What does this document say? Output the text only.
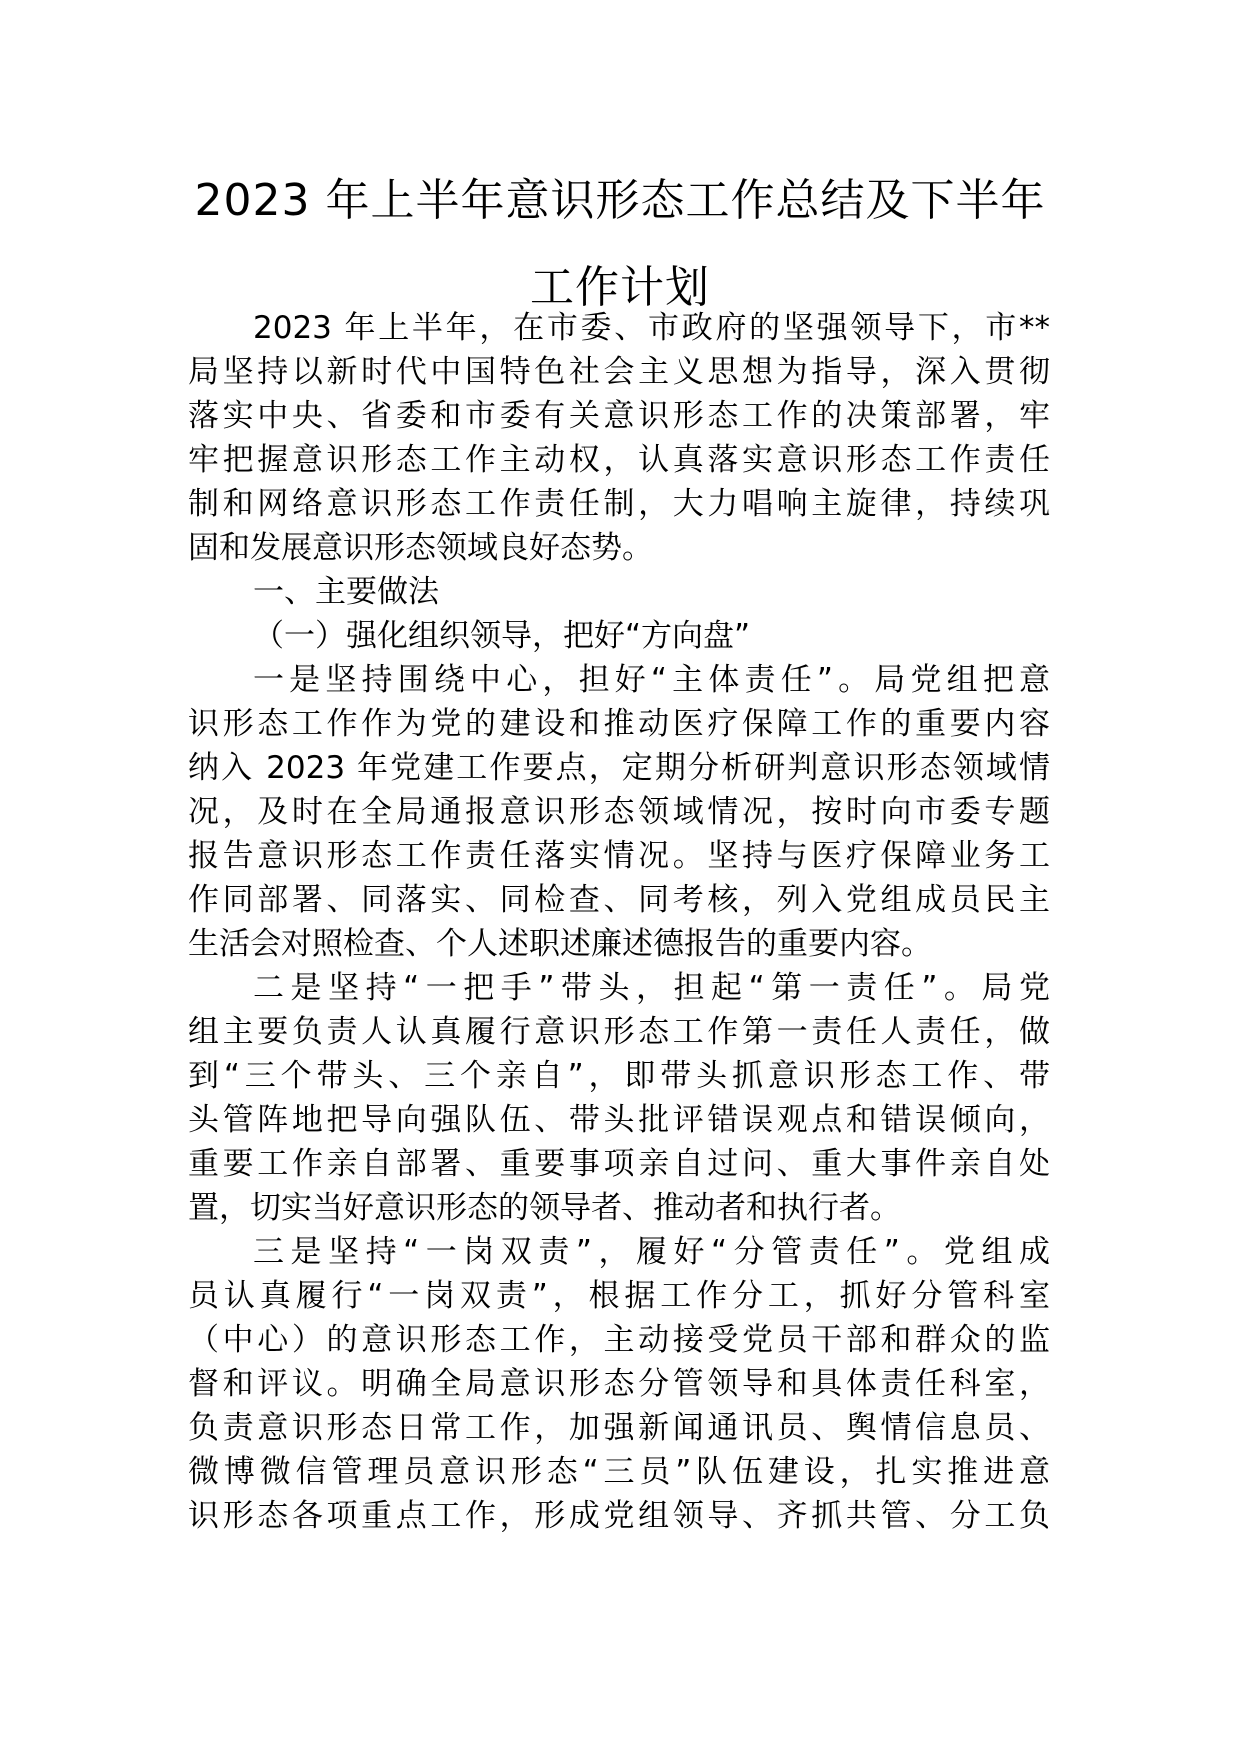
2023 年上半年意识形态工作总结及下半年
工作计划
2023 年上半年，在市委、市政府的坚强领导下，市**
局坚持以新时代中国特色社会主义思想为指导，深入贯彻
落实中央、省委和市委有关意识形态工作的决策部署，牢
牢把握意识形态工作主动权，认真落实意识形态工作责任
制和网络意识形态工作责任制，大力唱响主旋律，持续巩
固和发展意识形态领域良好态势。
一、主要做法
（一）强化组织领导，把好“方向盘”
一是坚持围绕中心，担好“主体责任”。局党组把意
识形态工作作为党的建设和推动医疗保障工作的重要内容
纳入 2023 年党建工作要点，定期分析研判意识形态领域情
况，及时在全局通报意识形态领域情况，按时向市委专题
报告意识形态工作责任落实情况。坚持与医疗保障业务工
作同部署、同落实、同检查、同考核，列入党组成员民主
生活会对照检查、个人述职述廉述德报告的重要内容。
二是坚持“一把手”带头，担起“第一责任”。局党
组主要负责人认真履行意识形态工作第一责任人责任，做
到“三个带头、三个亲自”，即带头抓意识形态工作、带
头管阵地把导向强队伍、带头批评错误观点和错误倾向，
重要工作亲自部署、重要事项亲自过问、重大事件亲自处
置，切实当好意识形态的领导者、推动者和执行者。
三是坚持“一岗双责”，履好“分管责任”。党组成
员认真履行“一岗双责”，根据工作分工，抓好分管科室
（中心）的意识形态工作，主动接受党员干部和群众的监
督和评议。明确全局意识形态分管领导和具体责任科室，
负责意识形态日常工作，加强新闻通讯员、舆情信息员、
微博微信管理员意识形态“三员”队伍建设，扎实推进意
识形态各项重点工作，形成党组领导、齐抓共管、分工负
